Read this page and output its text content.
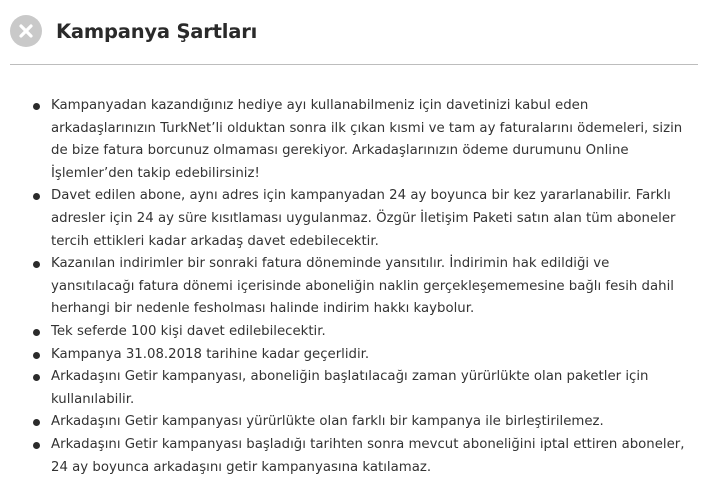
Kampanya Şartları
Kampanyadan kazandığınız hediye ayı kullanabilmeniz için davetinizi kabul eden arkadaşlarınızın TurkNet’li olduktan sonra ilk çıkan kısmi ve tam ay faturalarını ödemeleri, sizin de bize fatura borcunuz olmaması gerekiyor. Arkadaşlarınızın ödeme durumunu Online İşlemler’den takip edebilirsiniz!
Davet edilen abone, aynı adres için kampanyadan 24 ay boyunca bir kez yararlanabilir. Farklı adresler için 24 ay süre kısıtlaması uygulanmaz. Özgür İletişim Paketi satın alan tüm aboneler tercih ettikleri kadar arkadaş davet edebilecektir.
Kazanılan indirimler bir sonraki fatura döneminde yansıtılır. İndirimin hak edildiği ve yansıtılacağı fatura dönemi içerisinde aboneliğin naklin gerçekleşememesine bağlı fesih dahil herhangi bir nedenle fesholması halinde indirim hakkı kaybolur.
Tek seferde 100 kişi davet edilebilecektir.
Kampanya 31.08.2018 tarihine kadar geçerlidir.
Arkadaşını Getir kampanyası, aboneliğin başlatılacağı zaman yürürlükte olan paketler için kullanılabilir.
Arkadaşını Getir kampanyası yürürlükte olan farklı bir kampanya ile birleştirilemez.
Arkadaşını Getir kampanyası başladığı tarihten sonra mevcut aboneliğini iptal ettiren aboneler, 24 ay boyunca arkadaşını getir kampanyasına katılamaz.
